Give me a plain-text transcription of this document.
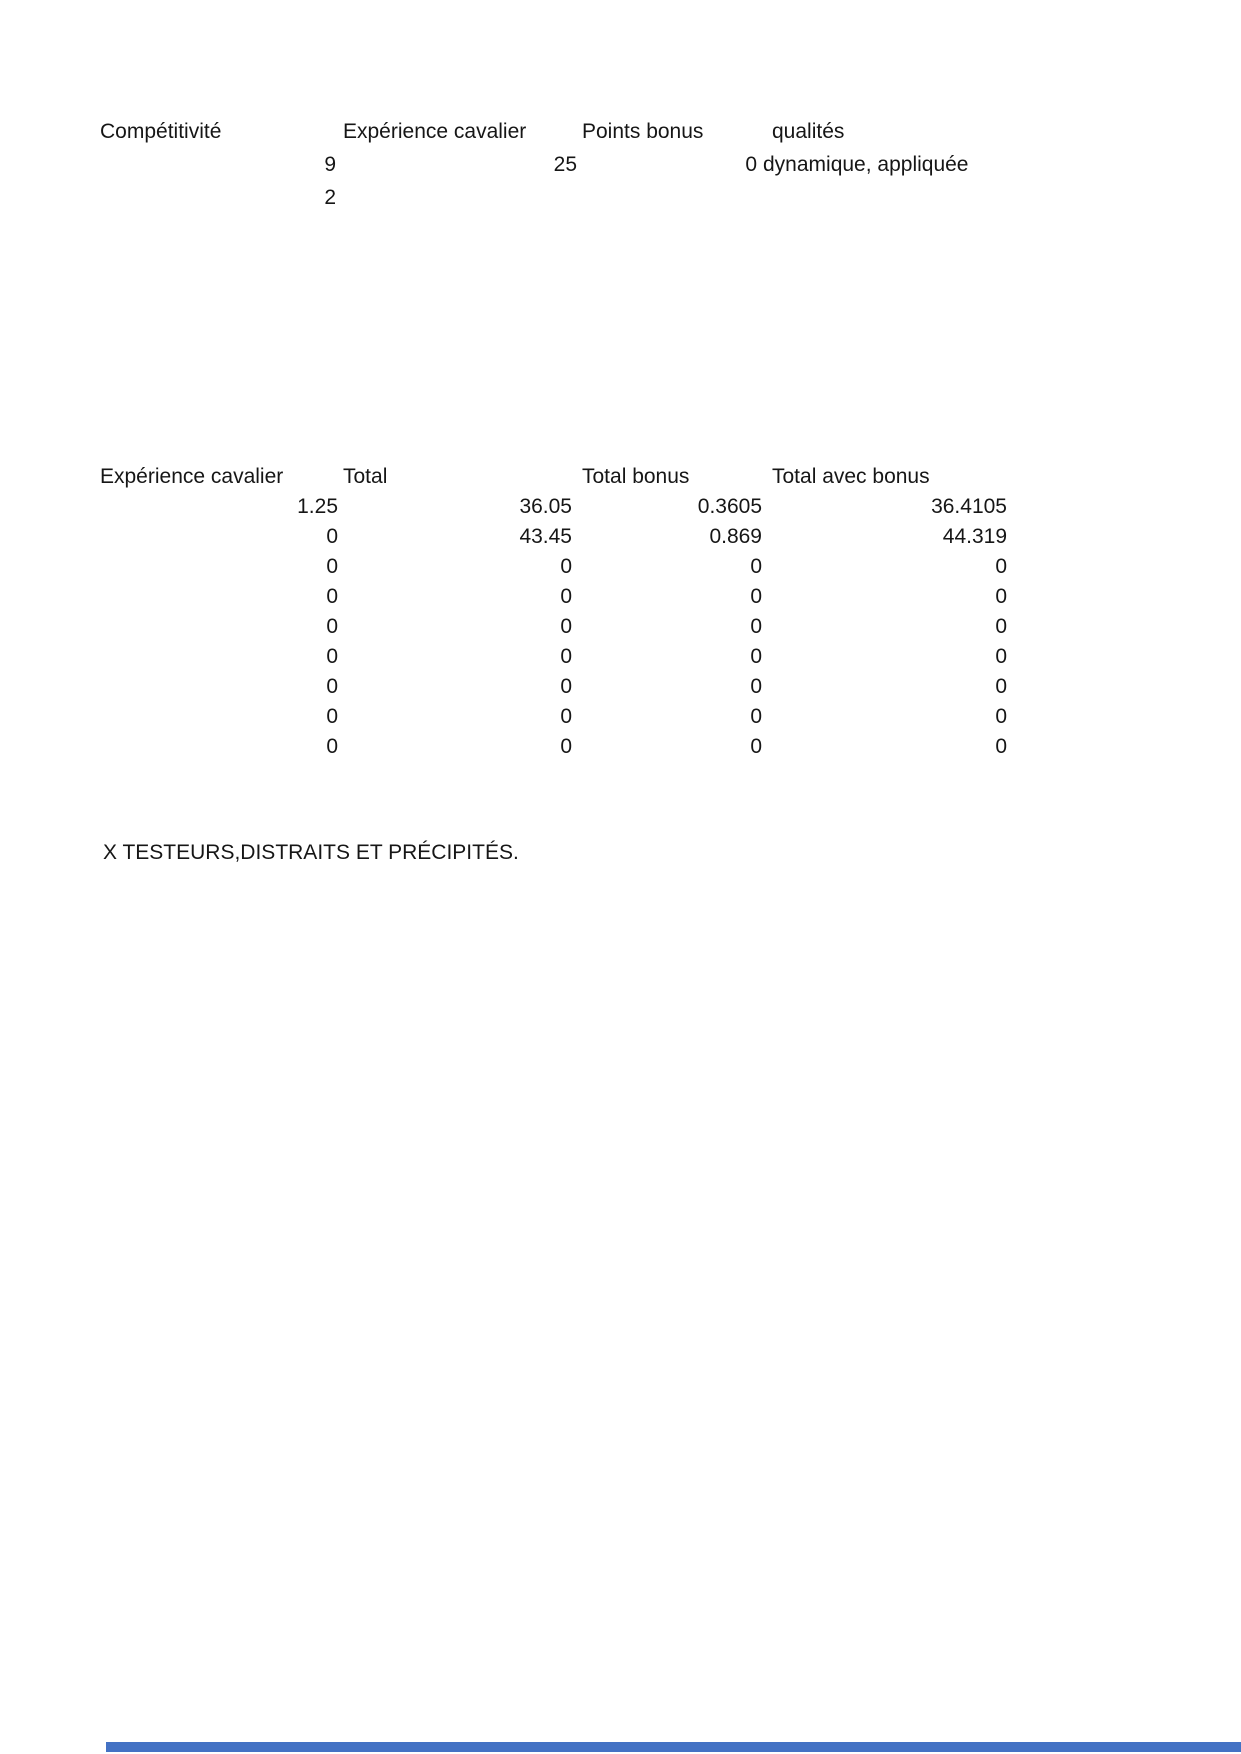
Compétitivité	Expérience cavalier	Points bonus	qualités
9	25	0 dynamique, appliquée
2
Expérience cavalier	Total	Total bonus	Total avec bonus
1.25	36.05	0.3605	36.4105
0	43.45	0.869	44.319
0	0	0	0
0	0	0	0
0	0	0	0
0	0	0	0
0	0	0	0
0	0	0	0
0	0	0	0
X TESTEURS,DISTRAITS ET PRÉCIPITÉS.
